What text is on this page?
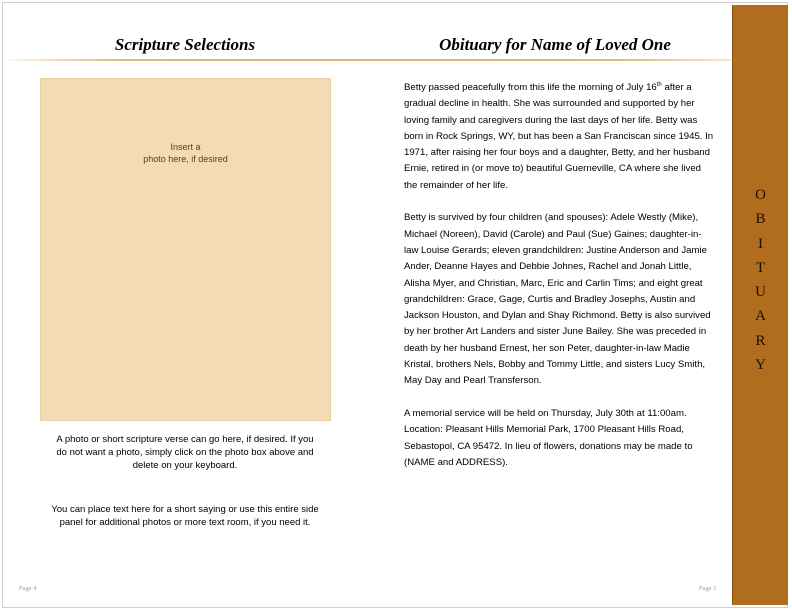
Scripture Selections	Obituary for Name of Loved One
Insert a
photo here, if desired
A photo or short scripture verse can go here, if desired. If you do not want a photo, simply click on the photo box above and delete on your keyboard.
You can place text here for a short saying or use this entire side panel for additional photos or more text room, if you need it.

Betty passed peacefully from this life the morning of July 16th after a gradual decline in health. She was surrounded and supported by her loving family and caregivers during the last days of her life. Betty was born in Rock Springs, WY, but has been a San Franciscan since 1945. In 1971, after raising her four boys and a daughter, Betty, and her husband Ernie, retired in (or move to) beautiful Guerneville, CA where she lived the remainder of her life.

Betty is survived by four children (and spouses): Adele Westly (Mike), Michael (Noreen), David (Carole) and Paul (Sue) Gaines; daughter-in-law Louise Gerards; eleven grandchildren: Justine Anderson and Jamie Ander, Deanne Hayes and Debbie Johnes, Rachel and Jonah Little, Alisha Myer, and Christian, Marc, Eric and Carlin Tims; and eight great grandchildren: Grace, Gage, Curtis and Bradley Josephs, Austin and Jackson Houston, and Dylan and Shay Richmond. Betty is also survived by her brother Art Landers and sister June Bailey. She was preceded in death by her husband Ernest, her son Peter, daughter-in-law Madie Kristal, brothers Nels, Bobby and Tommy Little, and sisters Lucy Smith, May Day and Pearl Transferson.

A memorial service will be held on Thursday, July 30th at 11:00am. Location: Pleasant Hills Memorial Park, 1700 Pleasant Hills Road, Sebastopol, CA 95472. In lieu of flowers, donations may be made to (NAME and ADDRESS).

O
B
I
T
U
A
R
Y
Page 4	Page 5
